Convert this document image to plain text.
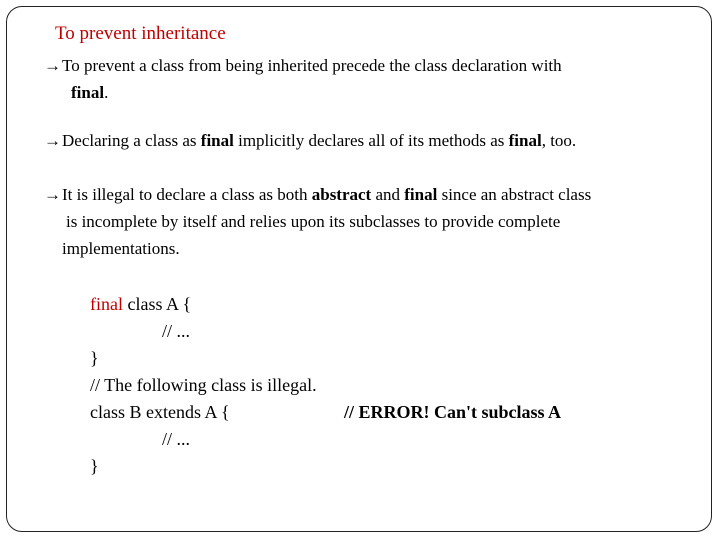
To prevent inheritance
→To prevent a class from being inherited precede the class declaration with
final.
→Declaring a class as final implicitly declares all of its methods as final, too.
→It is illegal to declare a class as both abstract and final since an abstract class
is incomplete by itself and relies upon its subclasses to provide complete
implementations.
final class A {
// ...
}
// The following class is illegal.
class B extends A {	// ERROR! Can't subclass A
// ...
}
